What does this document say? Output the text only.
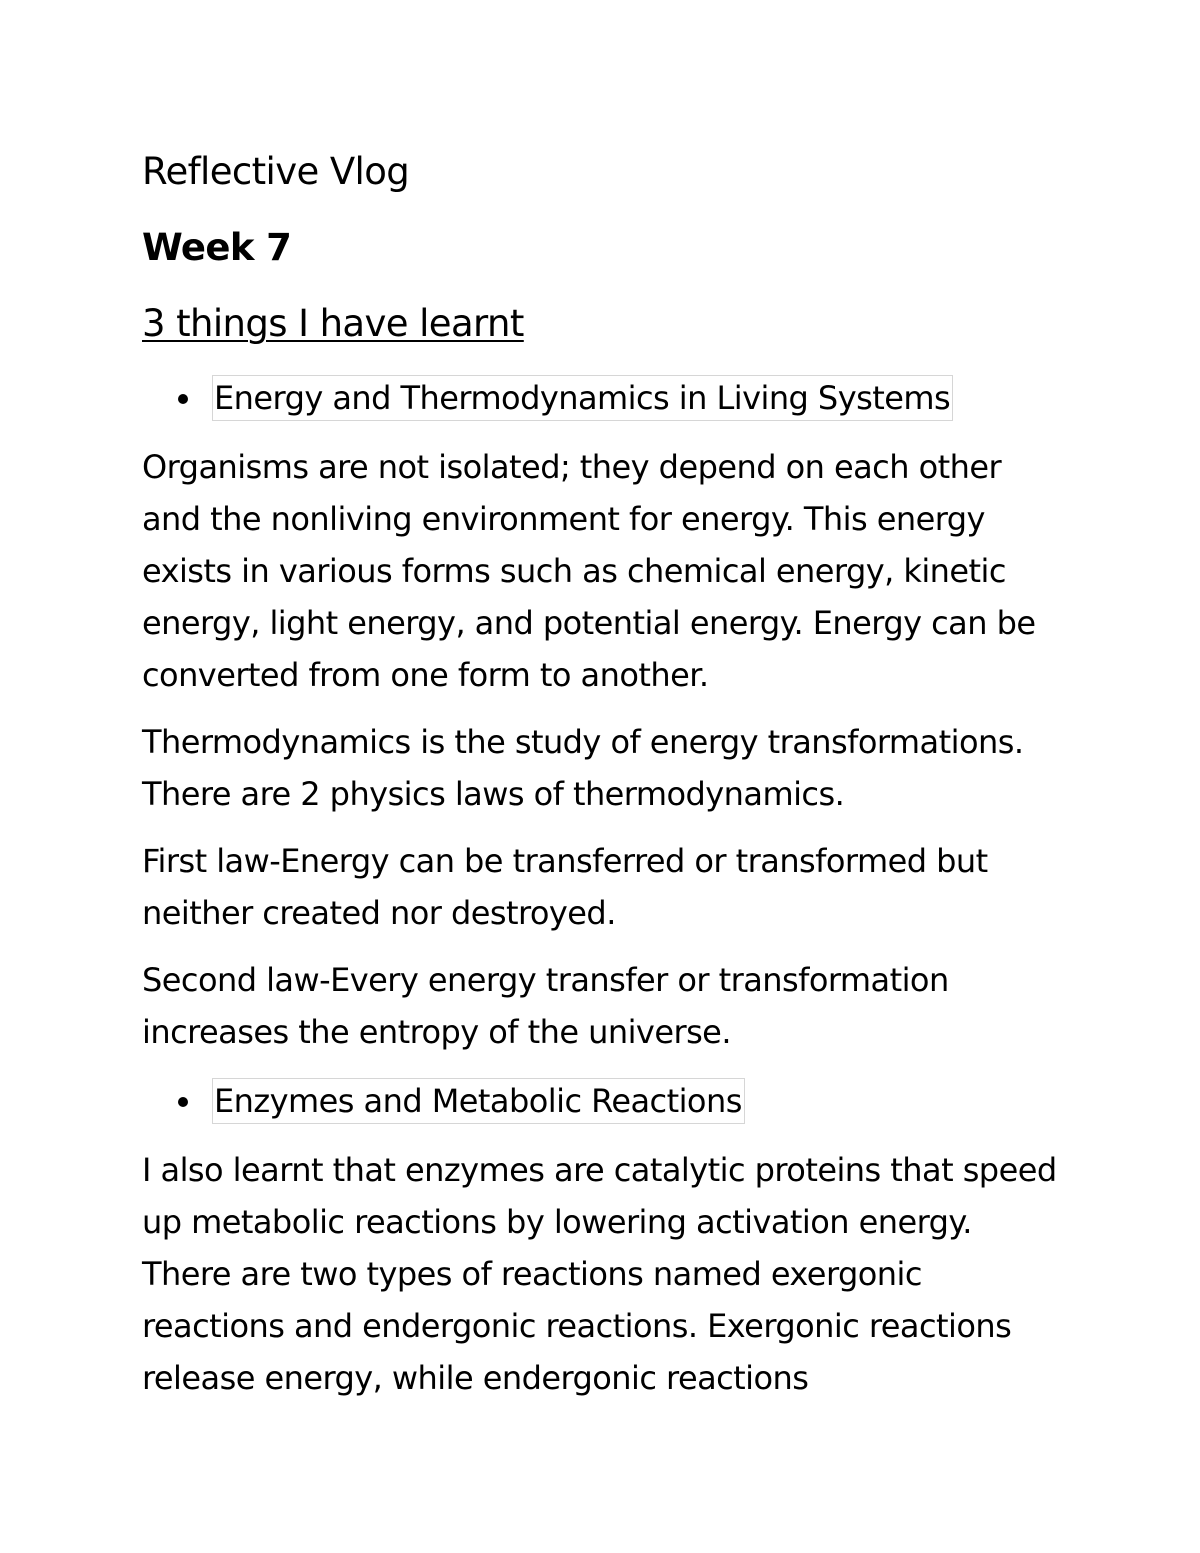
Reflective Vlog
Week 7
3 things I have learnt
Energy and Thermodynamics in Living Systems

Organisms are not isolated; they depend on each other and the nonliving environment for energy. This energy exists in various forms such as chemical energy, kinetic energy, light energy, and potential energy. Energy can be converted from one form to another.

Thermodynamics is the study of energy transformations. There are 2 physics laws of thermodynamics.

First law-Energy can be transferred or transformed but neither created nor destroyed.

Second law-Every energy transfer or transformation increases the entropy of the universe.

Enzymes and Metabolic Reactions

I also learnt that enzymes are catalytic proteins that speed up metabolic reactions by lowering activation energy. There are two types of reactions named exergonic reactions and endergonic reactions. Exergonic reactions release energy, while endergonic reactions
